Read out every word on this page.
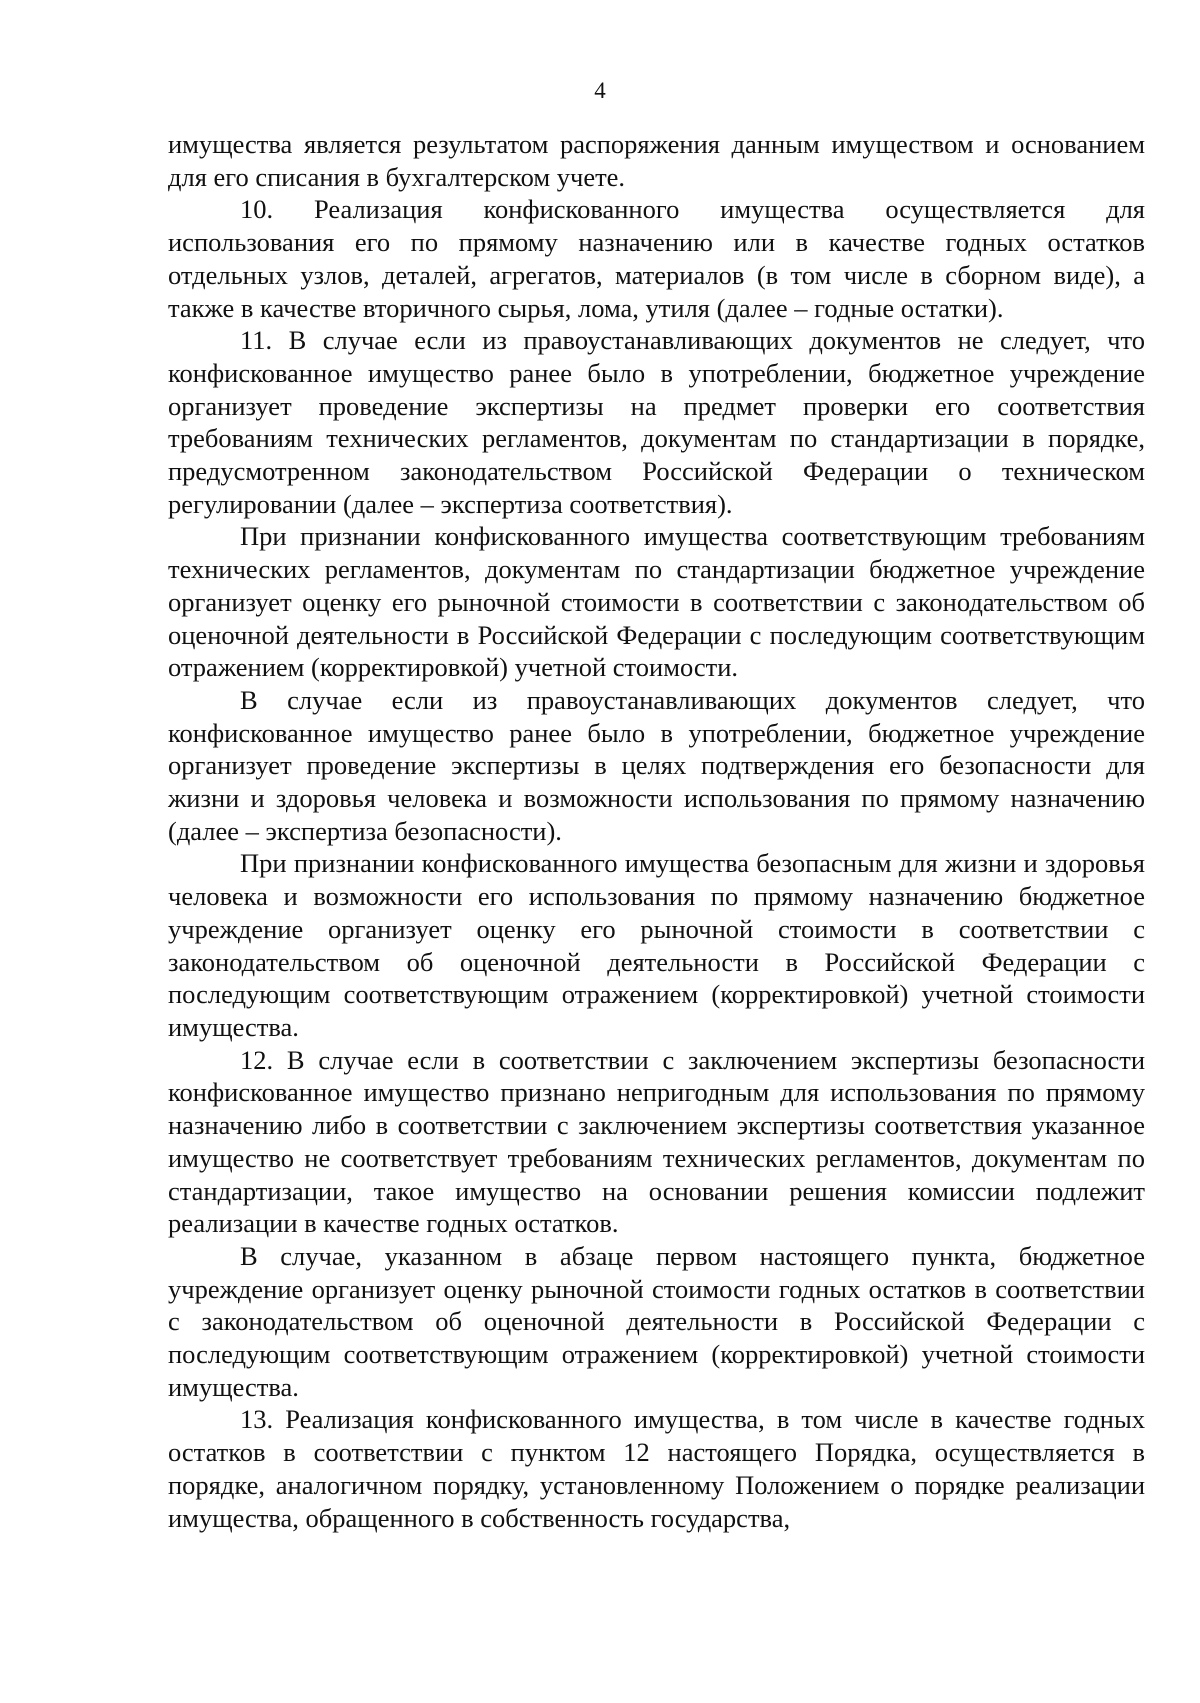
4

имущества является результатом распоряжения данным имуществом и основанием для его списания в бухгалтерском учете.

10. Реализация конфискованного имущества осуществляется для использования его по прямому назначению или в качестве годных остатков отдельных узлов, деталей, агрегатов, материалов (в том числе в сборном виде), а также в качестве вторичного сырья, лома, утиля (далее – годные остатки).

11. В случае если из правоустанавливающих документов не следует, что конфискованное имущество ранее было в употреблении, бюджетное учреждение организует проведение экспертизы на предмет проверки его соответствия требованиям технических регламентов, документам по стандартизации в порядке, предусмотренном законодательством Российской Федерации о техническом регулировании (далее – экспертиза соответствия).

При признании конфискованного имущества соответствующим требованиям технических регламентов, документам по стандартизации бюджетное учреждение организует оценку его рыночной стоимости в соответствии с законодательством об оценочной деятельности в Российской Федерации с последующим соответствующим отражением (корректировкой) учетной стоимости.

В случае если из правоустанавливающих документов следует, что конфискованное имущество ранее было в употреблении, бюджетное учреждение организует проведение экспертизы в целях подтверждения его безопасности для жизни и здоровья человека и возможности использования по прямому назначению (далее – экспертиза безопасности).

При признании конфискованного имущества безопасным для жизни и здоровья человека и возможности его использования по прямому назначению бюджетное учреждение организует оценку его рыночной стоимости в соответствии с законодательством об оценочной деятельности в Российской Федерации с последующим соответствующим отражением (корректировкой) учетной стоимости имущества.

12. В случае если в соответствии с заключением экспертизы безопасности конфискованное имущество признано непригодным для использования по прямому назначению либо в соответствии с заключением экспертизы соответствия указанное имущество не соответствует требованиям технических регламентов, документам по стандартизации, такое имущество на основании решения комиссии подлежит реализации в качестве годных остатков.

В случае, указанном в абзаце первом настоящего пункта, бюджетное учреждение организует оценку рыночной стоимости годных остатков в соответствии с законодательством об оценочной деятельности в Российской Федерации с последующим соответствующим отражением (корректировкой) учетной стоимости имущества.

13. Реализация конфискованного имущества, в том числе в качестве годных остатков в соответствии с пунктом 12 настоящего Порядка, осуществляется в порядке, аналогичном порядку, установленному Положением о порядке реализации имущества, обращенного в собственность государства,
